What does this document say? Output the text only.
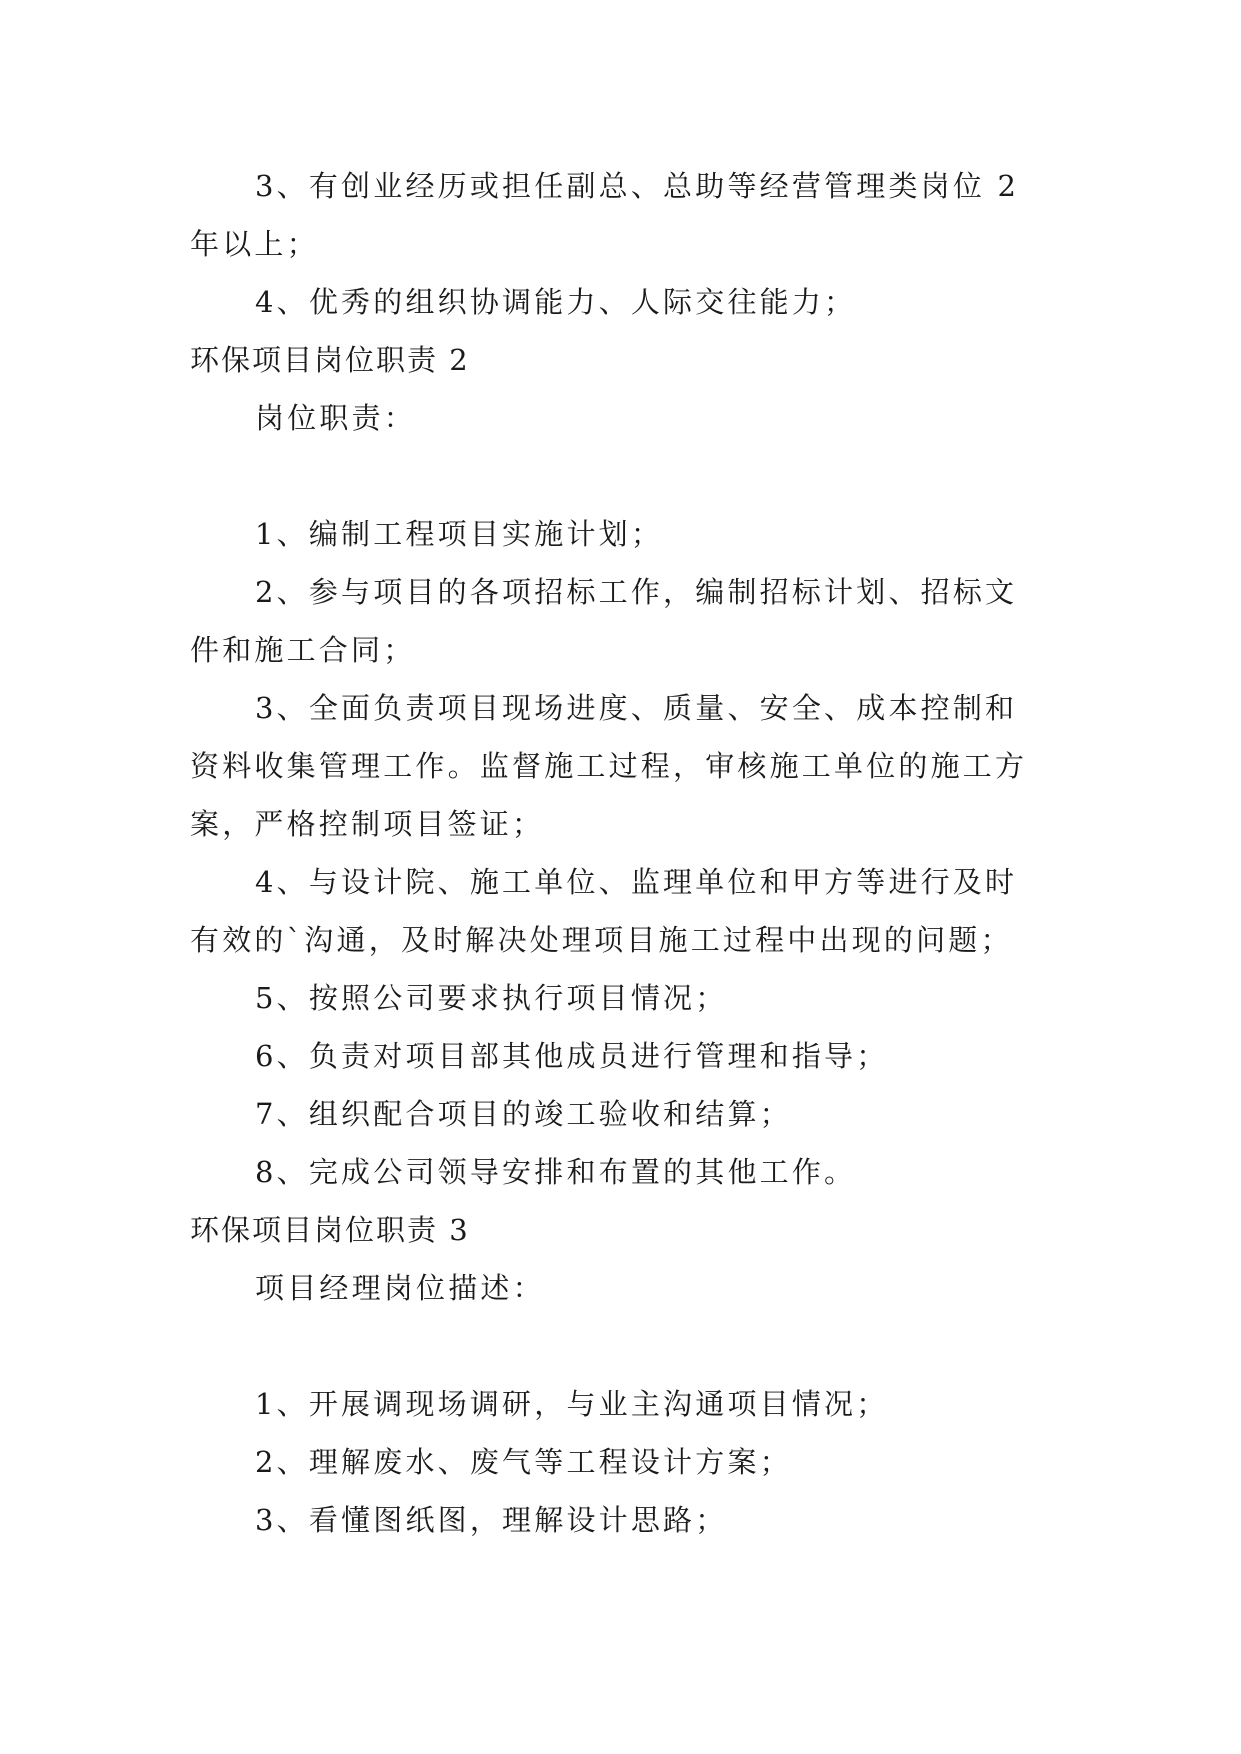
3、有创业经历或担任副总、总助等经营管理类岗位 2
年以上；
4、优秀的组织协调能力、人际交往能力；
环保项目岗位职责 2
岗位职责：
1、编制工程项目实施计划；
2、参与项目的各项招标工作，编制招标计划、招标文
件和施工合同；
3、全面负责项目现场进度、质量、安全、成本控制和
资料收集管理工作。监督施工过程，审核施工单位的施工方
案，严格控制项目签证；
4、与设计院、施工单位、监理单位和甲方等进行及时
有效的`沟通，及时解决处理项目施工过程中出现的问题；
5、按照公司要求执行项目情况；
6、负责对项目部其他成员进行管理和指导；
7、组织配合项目的竣工验收和结算；
8、完成公司领导安排和布置的其他工作。
环保项目岗位职责 3
项目经理岗位描述：
1、开展调现场调研，与业主沟通项目情况；
2、理解废水、废气等工程设计方案；
3、看懂图纸图，理解设计思路；
